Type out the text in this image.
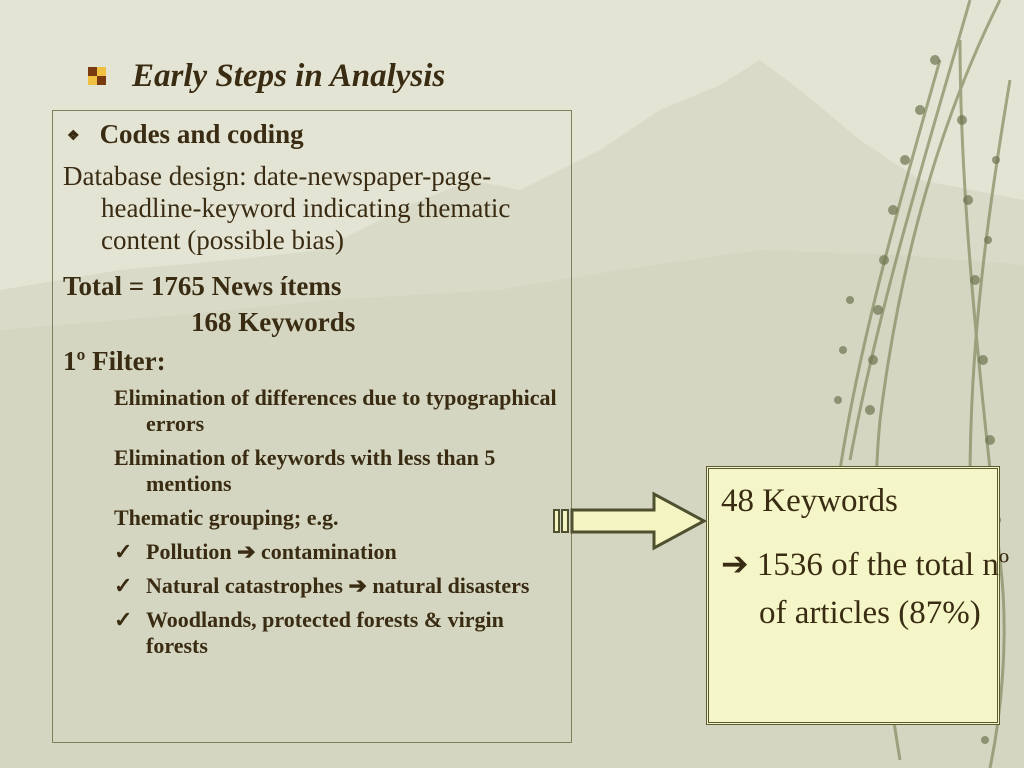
Early Steps in Analysis
❖ Codes and coding
Database design: date-newspaper-page-headline-keyword indicating thematic content (possible bias)
Total = 1765 News ítems
168 Keywords
1º Filter:
Elimination of differences due to typographical errors
Elimination of keywords with less than 5 mentions
Thematic grouping; e.g.
✓ Pollution ➔ contamination
✓ Natural catastrophes ➔ natural disasters
✓ Woodlands, protected forests & virgin forests
48 Keywords
➔ 1536 of the total nº of articles (87%)
